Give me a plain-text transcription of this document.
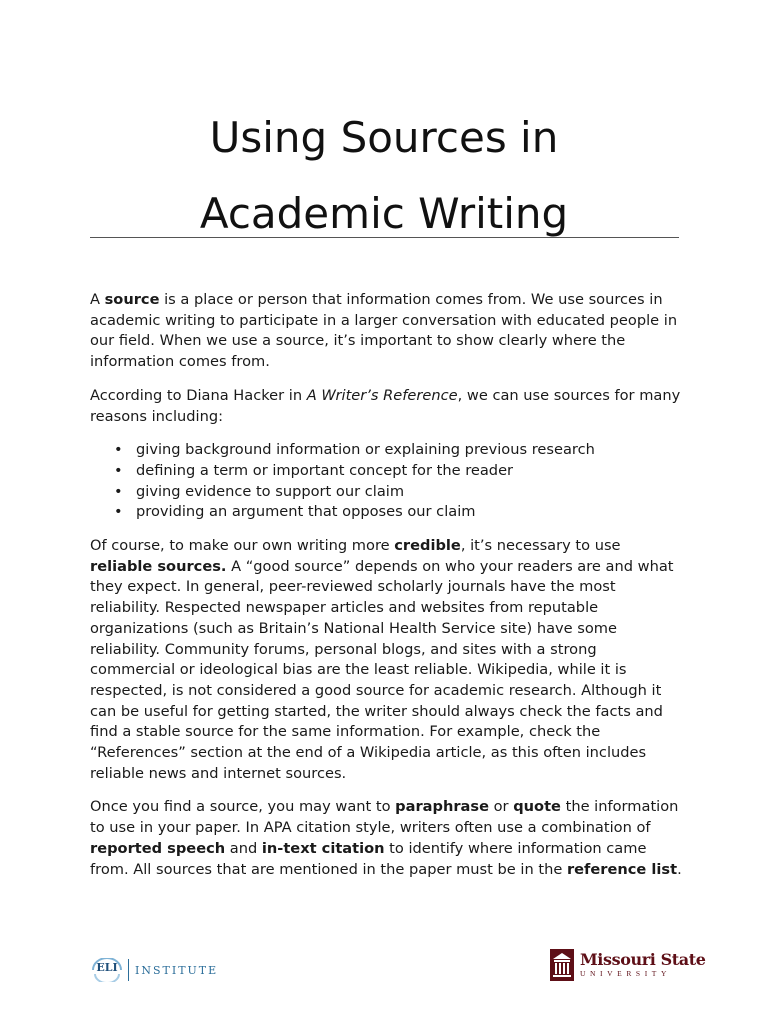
Using Sources in
Academic Writing

A source is a place or person that information comes from. We use sources in academic writing to participate in a larger conversation with educated people in our field. When we use a source, it’s important to show clearly where the information comes from.

According to Diana Hacker in A Writer’s Reference, we can use sources for many reasons including:

• giving background information or explaining previous research
• defining a term or important concept for the reader
• giving evidence to support our claim
• providing an argument that opposes our claim

Of course, to make our own writing more credible, it’s necessary to use reliable sources. A “good source” depends on who your readers are and what they expect. In general, peer-reviewed scholarly journals have the most reliability. Respected newspaper articles and websites from reputable organizations (such as Britain’s National Health Service site) have some reliability. Community forums, personal blogs, and sites with a strong commercial or ideological bias are the least reliable. Wikipedia, while it is respected, is not considered a good source for academic research. Although it can be useful for getting started, the writer should always check the facts and find a stable source for the same information. For example, check the “References” section at the end of a Wikipedia article, as this often includes reliable news and internet sources.

Once you find a source, you may want to paraphrase or quote the information to use in your paper. In APA citation style, writers often use a combination of reported speech and in-text citation to identify where information came from. All sources that are mentioned in the paper must be in the reference list.

ELI INSTITUTE
Missouri State
UNIVERSITY
